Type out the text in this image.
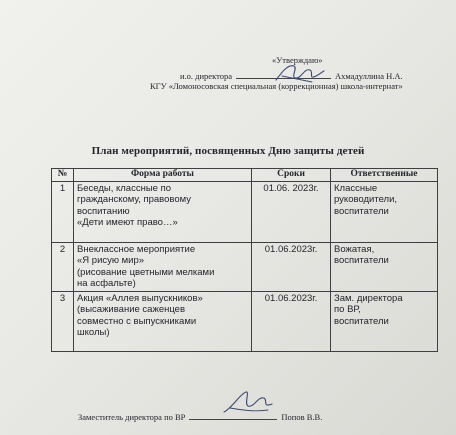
«Утверждаю»
и.о. директора	Ахмадуллина Н.А.
КГУ «Ломоносовская специальная (коррекционная) школа-интернат»
План мероприятий, посвященных Дню защиты детей
№	Форма работы	Сроки	Ответственные
1	Беседы, классные по
гражданскому, правовому
воспитанию
«Дети имеют право…»	01.06. 2023г.	Классные
руководители,
воспитатели
2	Внеклассное мероприятие
«Я рисую мир»
(рисование цветными мелками
на асфальте)	01.06.2023г.	Вожатая,
воспитатели
3	Акция «Аллея выпускников»
(высаживание саженцев
совместно с выпускниками
школы)	01.06.2023г.	Зам. директора
по ВР,
воспитатели
Заместитель директора по ВР	Попов В.В.
